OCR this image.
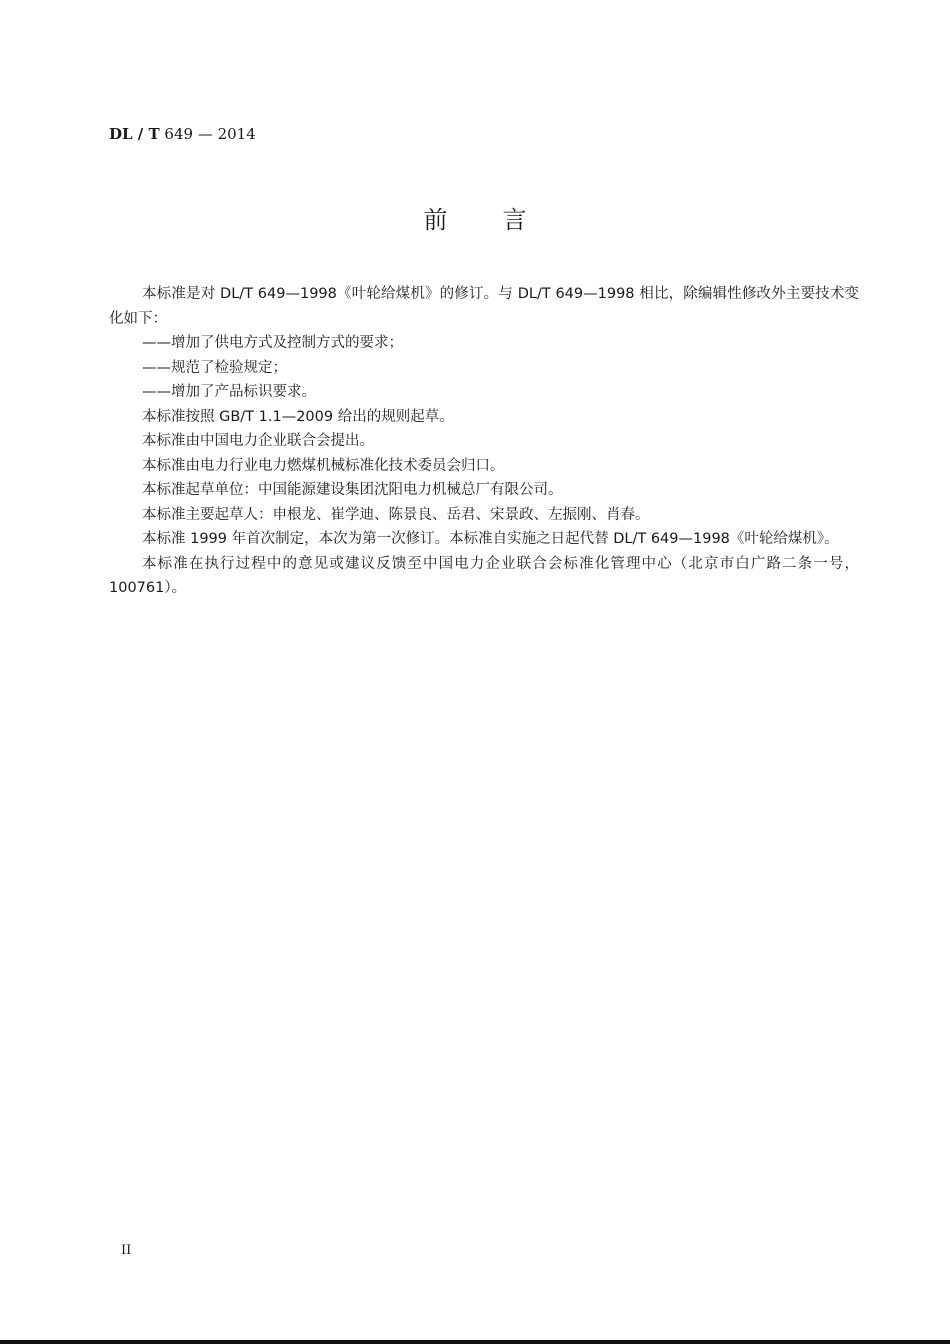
DL / T 649 — 2014
前言

本标准是对 DL/T 649—1998《叶轮给煤机》的修订。与 DL/T 649—1998 相比，除编辑性修改外主要技术变化如下：

——增加了供电方式及控制方式的要求；

——规范了检验规定；

——增加了产品标识要求。

本标准按照 GB/T 1.1—2009 给出的规则起草。

本标准由中国电力企业联合会提出。

本标准由电力行业电力燃煤机械标准化技术委员会归口。

本标准起草单位：中国能源建设集团沈阳电力机械总厂有限公司。

本标准主要起草人：申根龙、崔学迪、陈景良、岳君、宋景政、左振刚、肖春。

本标准 1999 年首次制定，本次为第一次修订。本标准自实施之日起代替 DL/T 649—1998《叶轮给煤机》。

本标准在执行过程中的意见或建议反馈至中国电力企业联合会标准化管理中心（北京市白广路二条一号，100761）。

II
